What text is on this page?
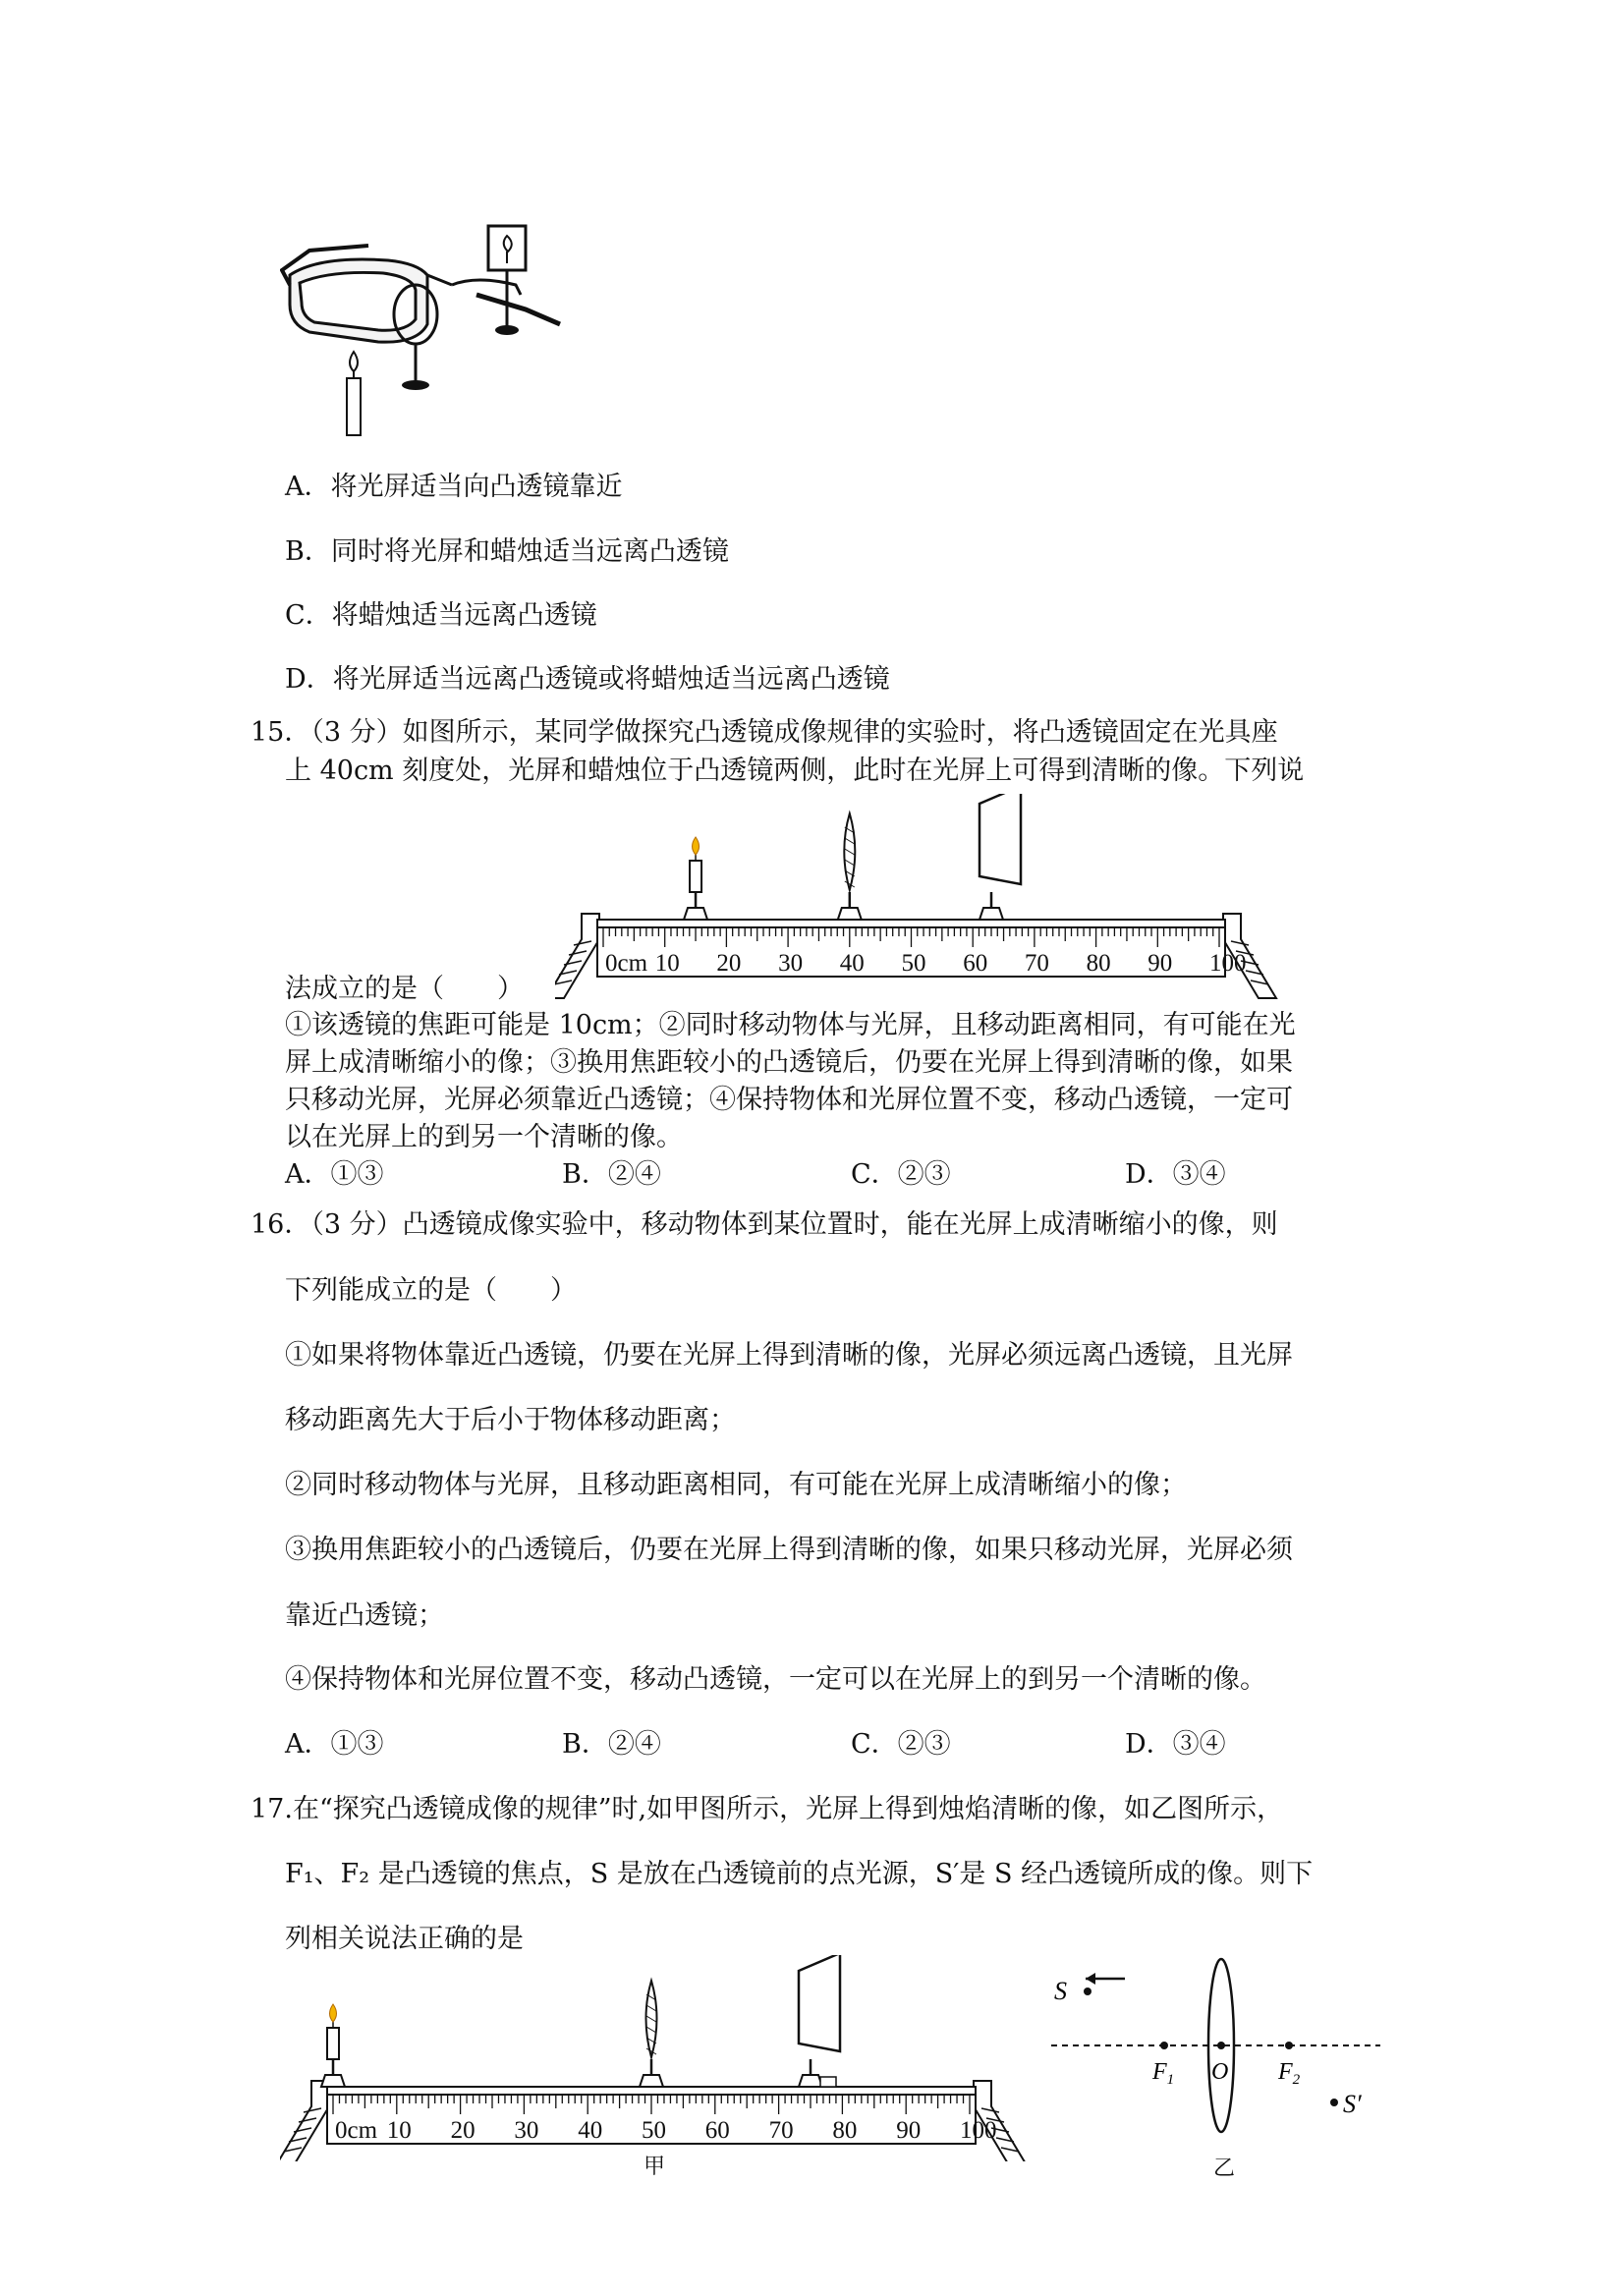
A．将光屏适当向凸透镜靠近
B．同时将光屏和蜡烛适当远离凸透镜
C．将蜡烛适当远离凸透镜
D．将光屏适当远离凸透镜或将蜡烛适当远离凸透镜
15．（3 分）如图所示，某同学做探究凸透镜成像规律的实验时，将凸透镜固定在光具座
上 40cm 刻度处，光屏和蜡烛位于凸透镜两侧，此时在光屏上可得到清晰的像。下列说
0cm 10 20 30 40 50 60 70 80 90 100
法成立的是（　　）
①该透镜的焦距可能是 10cm；②同时移动物体与光屏，且移动距离相同，有可能在光
屏上成清晰缩小的像；③换用焦距较小的凸透镜后，仍要在光屏上得到清晰的像，如果
只移动光屏，光屏必须靠近凸透镜；④保持物体和光屏位置不变，移动凸透镜，一定可
以在光屏上的到另一个清晰的像。
A．①③	B．②④	C．②③	D．③④
16．（3 分）凸透镜成像实验中，移动物体到某位置时，能在光屏上成清晰缩小的像，则
下列能成立的是（　　）
①如果将物体靠近凸透镜，仍要在光屏上得到清晰的像，光屏必须远离凸透镜，且光屏
移动距离先大于后小于物体移动距离；
②同时移动物体与光屏，且移动距离相同，有可能在光屏上成清晰缩小的像；
③换用焦距较小的凸透镜后，仍要在光屏上得到清晰的像，如果只移动光屏，光屏必须
靠近凸透镜；
④保持物体和光屏位置不变，移动凸透镜，一定可以在光屏上的到另一个清晰的像。
A．①③	B．②④	C．②③	D．③④
17.在“探究凸透镜成像的规律”时,如甲图所示，光屏上得到烛焰清晰的像，如乙图所示，
F₁、F₂ 是凸透镜的焦点，S 是放在凸透镜前的点光源，S′是 S 经凸透镜所成的像。则下
列相关说法正确的是
0cm 10 20 30 40 50 60 70 80 90 100
甲
S
$F_1$ O $F_2$
S′
乙
